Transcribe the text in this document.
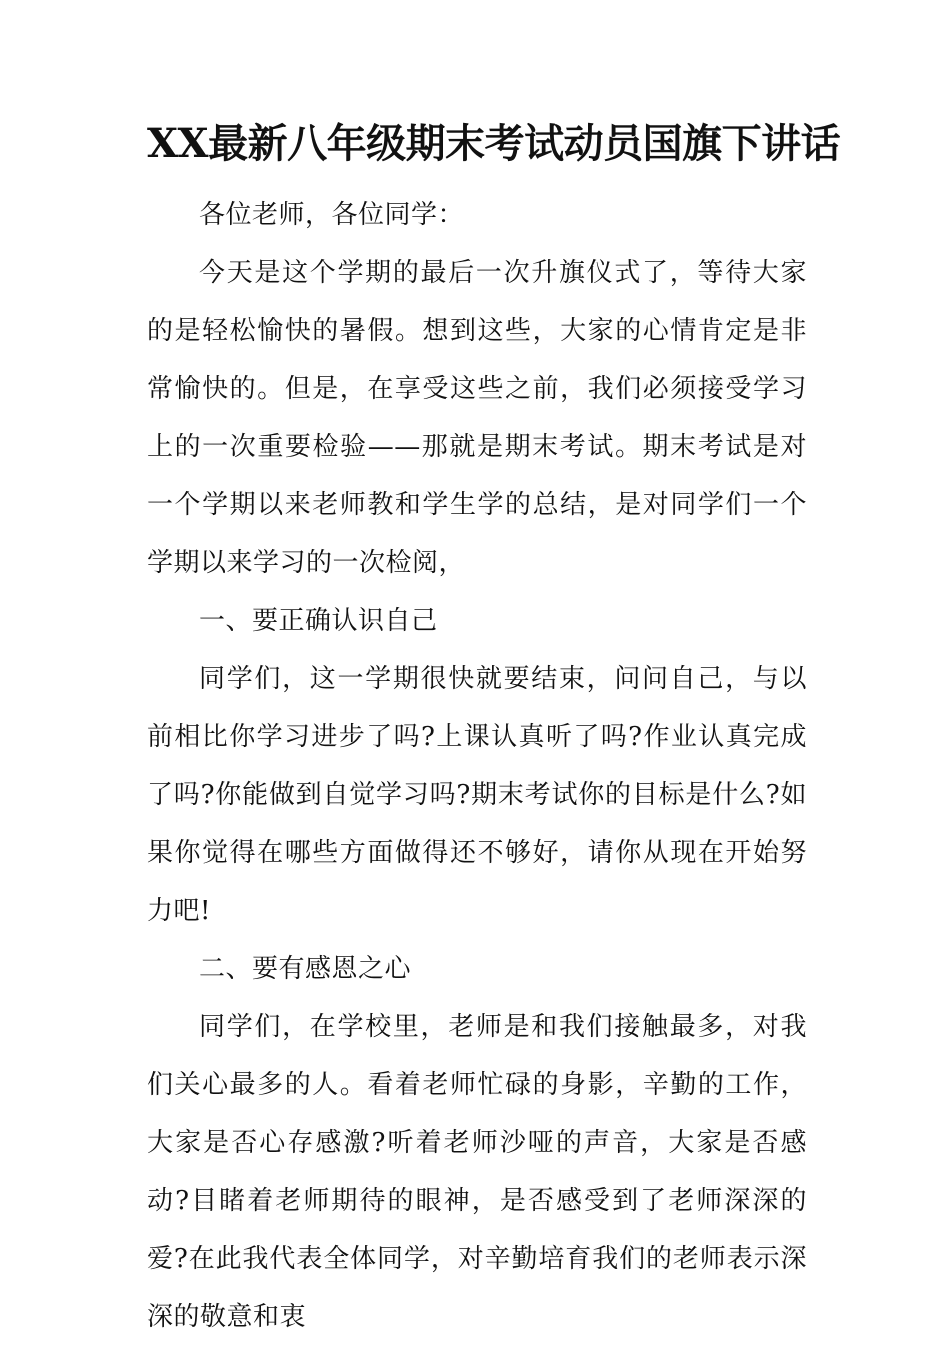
XX最新八年级期末考试动员国旗下讲话

各位老师，各位同学：

今天是这个学期的最后一次升旗仪式了，等待大家的是轻松愉快的暑假。想到这些，大家的心情肯定是非常愉快的。但是，在享受这些之前，我们必须接受学习上的一次重要检验——那就是期末考试。期末考试是对一个学期以来老师教和学生学的总结，是对同学们一个学期以来学习的一次检阅，

一、要正确认识自己

同学们，这一学期很快就要结束，问问自己，与以前相比你学习进步了吗?上课认真听了吗?作业认真完成了吗?你能做到自觉学习吗?期末考试你的目标是什么?如果你觉得在哪些方面做得还不够好，请你从现在开始努力吧!

二、要有感恩之心

同学们，在学校里，老师是和我们接触最多，对我们关心最多的人。看着老师忙碌的身影，辛勤的工作，大家是否心存感激?听着老师沙哑的声音，大家是否感动?目睹着老师期待的眼神，是否感受到了老师深深的爱?在此我代表全体同学，对辛勤培育我们的老师表示深深的敬意和衷
